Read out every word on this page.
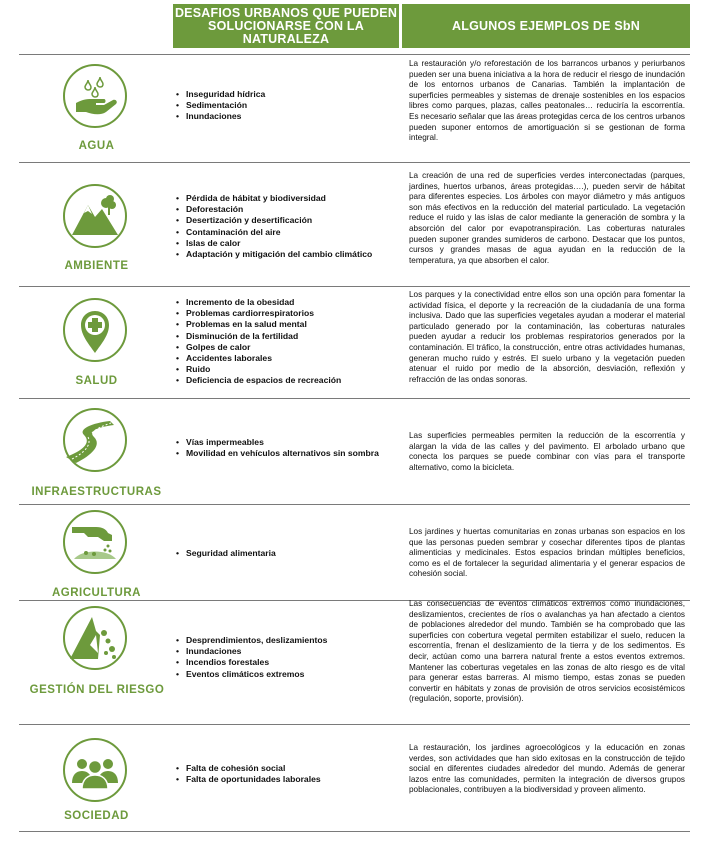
DESAFIOS URBANOS QUE PUEDEN SOLUCIONARSE CON LA NATURALEZA
ALGUNOS EJEMPLOS DE SbN
AGUA
• Inseguridad hídrica
• Sedimentación
• Inundaciones

La restauración y/o reforestación de los barrancos urbanos y periurbanos pueden ser una buena iniciativa a la hora de reducir el riesgo de inundación de los entornos urbanos de Canarias. También la implantación de superficies permeables y sistemas de drenaje sostenibles en los espacios libres como parques, plazas, calles peatonales… reduciría la escorrentía. Es necesario señalar que las áreas protegidas cerca de los centros urbanos pueden suponer entornos de amortiguación si se gestionan de forma integral.

AMBIENTE
• Pérdida de hábitat y biodiversidad
• Deforestación
• Desertización y desertificación
• Contaminación del aire
• Islas de calor
• Adaptación y mitigación del cambio climático

La creación de una red de superficies verdes interconectadas (parques, jardines, huertos urbanos, áreas protegidas….), pueden servir de hábitat para diferentes especies. Los árboles con mayor diámetro y más antiguos son más efectivos en la reducción del material particulado. La vegetación reduce el ruido y las islas de calor mediante la generación de sombra y la absorción del calor por evapotranspiración. Las coberturas naturales pueden suponer grandes sumideros de carbono. Destacar que los puntos, cursos y grandes masas de agua ayudan en la reducción de la temperatura, ya que absorben el calor.

SALUD
• Incremento de la obesidad
• Problemas cardiorrespiratorios
• Problemas en la salud mental
• Disminución de la fertilidad
• Golpes de calor
• Accidentes laborales
• Ruido
• Deficiencia de espacios de recreación

Los parques y la conectividad entre ellos son una opción para fomentar la actividad física, el deporte y la recreación de la ciudadanía de una forma inclusiva. Dado que las superficies vegetales ayudan a moderar el material particulado generado por la contaminación, las coberturas naturales pueden ayudar a reducir los problemas respiratorios generados por la contaminación. El tráfico, la construcción, entre otras actividades humanas, generan mucho ruido y estrés. El suelo urbano y la vegetación pueden atenuar el ruido por medio de la absorción, desviación, reflexión y refracción de las ondas sonoras.

INFRAESTRUCTURAS
• Vías impermeables
• Movilidad en vehículos alternativos sin sombra

Las superficies permeables permiten la reducción de la escorrentía y alargan la vida de las calles y del pavimento. El arbolado urbano que conecta los parques se puede combinar con vías para el transporte alternativo, como la bicicleta.

AGRICULTURA
• Seguridad alimentaria

Los jardines y huertas comunitarias en zonas urbanas son espacios en los que las personas pueden sembrar y cosechar diferentes tipos de plantas alimenticias y medicinales. Estos espacios brindan múltiples beneficios, como es el de fortalecer la seguridad alimentaria y el generar espacios de cohesión social.

GESTIÓN DEL RIESGO
• Desprendimientos, deslizamientos
• Inundaciones
• Incendios forestales
• Eventos climáticos extremos

Las consecuencias de eventos climáticos extremos como inundaciones, deslizamientos, crecientes de ríos o avalanchas ya han afectado a cientos de poblaciones alrededor del mundo. También se ha comprobado que las superficies con cobertura vegetal permiten estabilizar el suelo, reducen la escorrentía, frenan el deslizamiento de la tierra y de los sedimentos. Es decir, actúan como una barrera natural frente a estos eventos extremos. Mantener las coberturas vegetales en las zonas de alto riesgo es de vital para generar estas barreras. Al mismo tiempo, estas zonas se pueden convertir en hábitats y zonas de provisión de otros servicios ecosistémicos (regulación, soporte, provisión).

SOCIEDAD
• Falta de cohesión social
• Falta de oportunidades laborales

La restauración, los jardines agroecológicos y la educación en zonas verdes, son actividades que han sido exitosas en la construcción de tejido social en diferentes ciudades alrededor del mundo. Además de generar lazos entre las comunidades, permiten la integración de diversos grupos poblacionales, contribuyen a la biodiversidad y proveen alimento.
